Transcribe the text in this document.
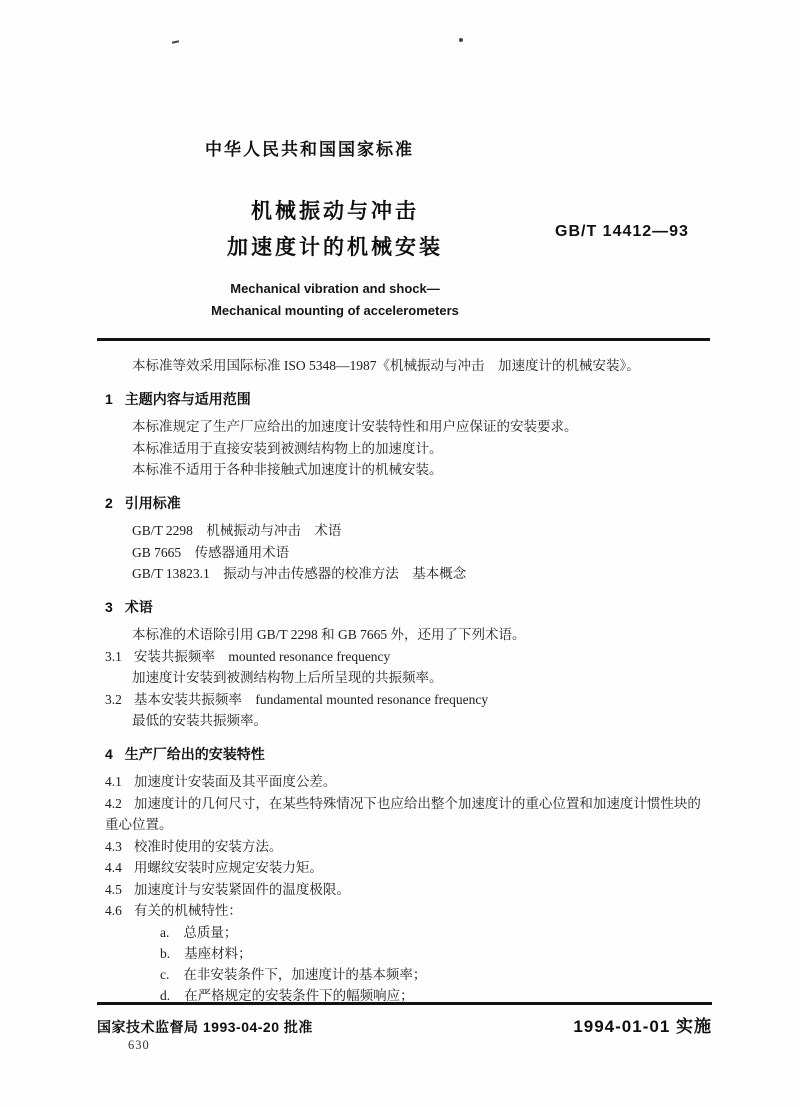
中华人民共和国国家标准
机械振动与冲击
加速度计的机械安装
Mechanical vibration and shock—
Mechanical mounting of accelerometers
GB/T 14412—93

本标准等效采用国际标准 ISO 5348—1987《机械振动与冲击　加速度计的机械安装》。

1 主题内容与适用范围

本标准规定了生产厂应给出的加速度计安装特性和用户应保证的安装要求。

本标准适用于直接安装到被测结构物上的加速度计。

本标准不适用于各种非接触式加速度计的机械安装。

2 引用标准

GB/T 2298　机械振动与冲击　术语

GB 7665　传感器通用术语

GB/T 13823.1　振动与冲击传感器的校准方法　基本概念

3 术语

本标准的术语除引用 GB/T 2298 和 GB 7665 外，还用了下列术语。

3.1 安装共振频率　mounted resonance frequency

加速度计安装到被测结构物上后所呈现的共振频率。

3.2 基本安装共振频率　fundamental mounted resonance frequency

最低的安装共振频率。

4 生产厂给出的安装特性

4.1 加速度计安装面及其平面度公差。

4.2 加速度计的几何尺寸，在某些特殊情况下也应给出整个加速度计的重心位置和加速度计惯性块的重心位置。

4.3 校准时使用的安装方法。

4.4 用螺纹安装时应规定安装力矩。

4.5 加速度计与安装紧固件的温度极限。

4.6 有关的机械特性：

a. 总质量；

b. 基座材料；

c. 在非安装条件下，加速度计的基本频率；

d. 在严格规定的安装条件下的幅频响应；

国家技术监督局 1993-04-20 批准	1994-01-01 实施
630
